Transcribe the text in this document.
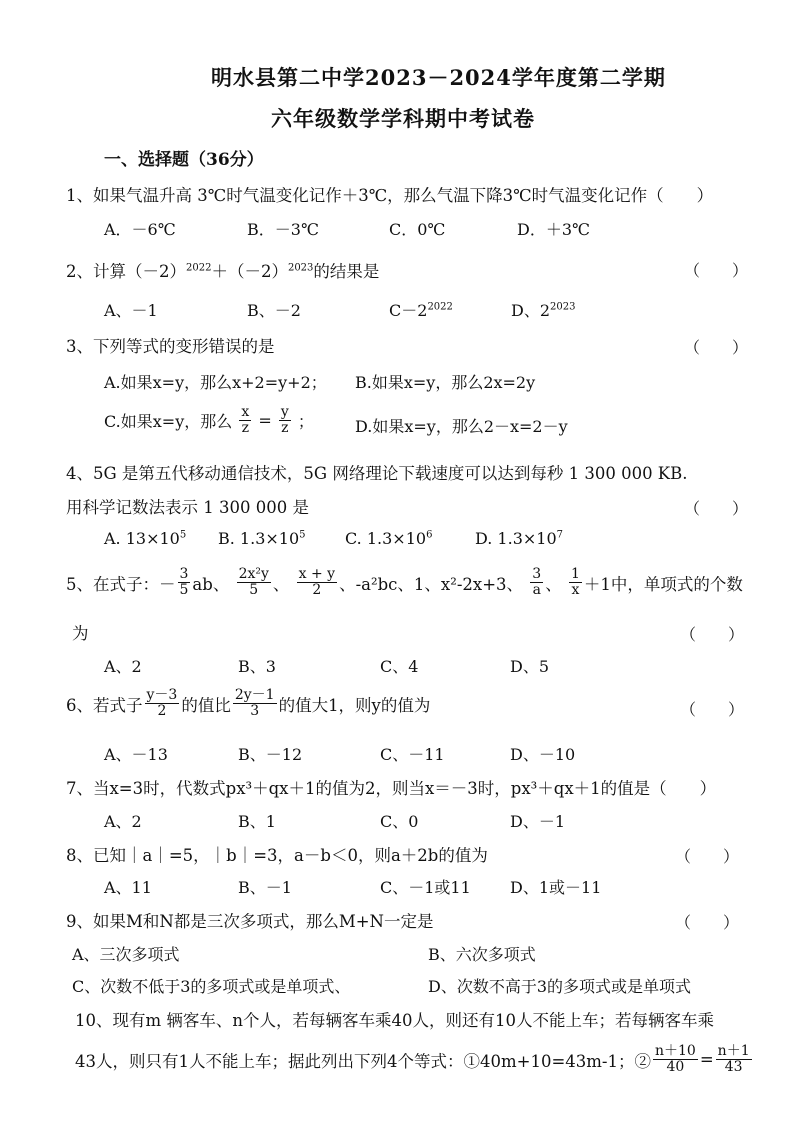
明水县第二中学2023－2024学年度第二学期
六年级数学学科期中考试卷
一、选择题（36分）
1、如果气温升高 3℃时气温变化记作＋3℃，那么气温下降3℃时气温变化记作（　　）
A．－6℃	B．－3℃	C．0℃	D．＋3℃
2、计算$(-2)^{2022}+(-2)^{2023}$的结果是	（　　）
A、－1	B、－2	$C-2^{2022}$	D、$2^{2023}$
3、下列等式的变形错误的是	（　　）
A.如果x=y，那么x+2=y+2； B.如果x=y，那么2x=2y
C.如果x=y，那么 $\frac{x}{z} = \frac{y}{z}$ ；	D.如果x=y，那么2－x=2－y
4、5G 是第五代移动通信技术，5G 网络理论下载速度可以达到每秒 1 300 000 KB.
用科学记数法表示 1 300 000 是	（　　）
A. $13\times 10^5$ B. $1.3\times 10^5$ C. $1.3\times 10^6$	D. $1.3\times 10^7$
5、在式子：－ $\frac{3}{5}$ ab、 $\frac{\text{2x²y}}{5}$ 、 $\frac{x + y}{2}$ 、-a²bc、1、x²-2x+3、 $\frac{3}{a}$ 、 $\frac{1}{x} +1$中，单项式的个数
为	（　　）
A、2	B、3	C、4	D、5
6、若式子 $\frac{y-3}{2}$ 的值比 $\frac{2y-1}{3}$ 的值大1，则y的值为	（　　）
A、－13	B、－12	C、－11	D、－10
7、当x=3时，代数式px³＋qx＋1的值为2，则当x＝－3时，px³＋qx＋1的值是（　　）
A、2	B、1	C、0	D、－1
8、已知｜a｜=5，｜b｜=3，a－b＜0，则a＋2b的值为	（　　）
A、11	B、－1	C、－1或11 D、1或－11
9、如果M和N都是三次多项式，那么M+N一定是	（　　）
A、三次多项式	B、六次多项式
C、次数不低于3的多项式或是单项式、	D、次数不高于3的多项式或是单项式
10、现有m 辆客车、n个人，若每辆客车乘40人，则还有10人不能上车；若每辆客车乘
43人，则只有1人不能上车；据此列出下列4个等式：①40m+10=43m-1；② $\frac{n+10}{40} = \frac{n+1}{43}$
